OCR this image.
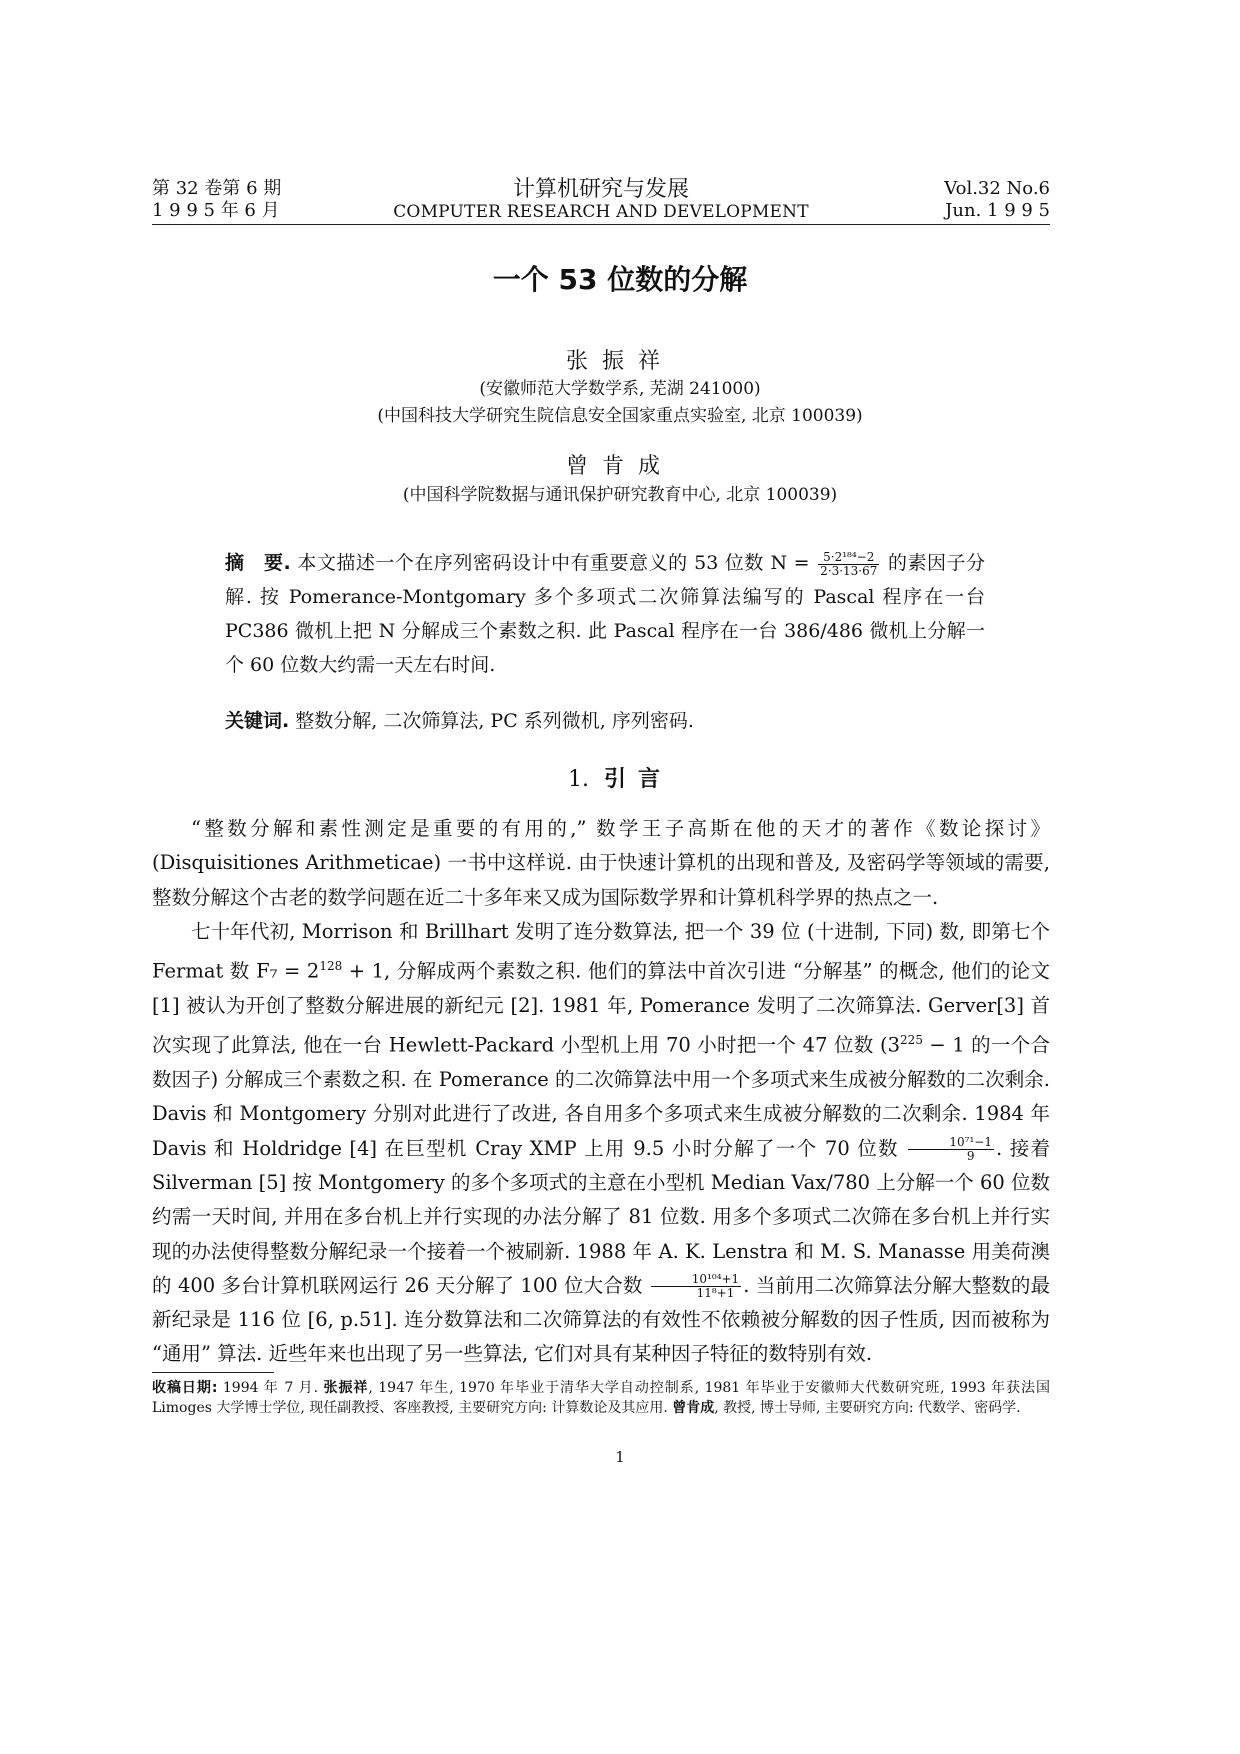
第 32 卷第 6 期
1 9 9 5 年 6 月
计算机研究与发展
COMPUTER RESEARCH AND DEVELOPMENT
Vol.32 No.6
Jun. 1 9 9 5
一个 53 位数的分解
张振祥
(安徽师范大学数学系, 芜湖 241000)
(中国科技大学研究生院信息安全国家重点实验室, 北京 100039)
曾肯成
(中国科学院数据与通讯保护研究教育中心, 北京 100039)
摘　要. 本文描述一个在序列密码设计中有重要意义的 53 位数 $N = \frac{\text{5·2¹⁸⁴−2}}{2\cdot 3\cdot 13\cdot 67}$ 的素因子分解. 按 Pomerance-Montgomary 多个多项式二次筛算法编写的 Pascal 程序在一台 PC386 微机上把 N 分解成三个素数之积. 此 Pascal 程序在一台 386/486 微机上分解一个 60 位数大约需一天左右时间.
关键词. 整数分解, 二次筛算法, PC 系列微机, 序列密码.
1. 引言

“整数分解和素性测定是重要的有用的,” 数学王子高斯在他的天才的著作《数论探讨》(Disquisitiones Arithmeticae) 一书中这样说. 由于快速计算机的出现和普及, 及密码学等领域的需要, 整数分解这个古老的数学问题在近二十多年来又成为国际数学界和计算机科学界的热点之一.

七十年代初, Morrison 和 Brillhart 发明了连分数算法, 把一个 39 位 (十进制, 下同) 数, 即第七个 Fermat 数 $F_7 = 2^{128} + 1$, 分解成两个素数之积. 他们的算法中首次引进 “分解基” 的概念, 他们的论文 [1] 被认为开创了整数分解进展的新纪元 [2]. 1981 年, Pomerance 发明了二次筛算法. Gerver[3] 首次实现了此算法, 他在一台 Hewlett-Packard 小型机上用 70 小时把一个 47 位数 ($3^{225} - 1$ 的一个合数因子) 分解成三个素数之积. 在 Pomerance 的二次筛算法中用一个多项式来生成被分解数的二次剩余. Davis 和 Montgomery 分别对此进行了改进, 各自用多个多项式来生成被分解数的二次剩余. 1984 年 Davis 和 Holdridge [4] 在巨型机 Cray XMP 上用 9.5 小时分解了一个 70 位数 $\frac{\text{10⁷¹−1}}{9}$ . 接着 Silverman [5] 按 Montgomery 的多个多项式的主意在小型机 Median Vax/780 上分解一个 60 位数约需一天时间, 并用在多台机上并行实现的办法分解了 81 位数. 用多个多项式二次筛在多台机上并行实现的办法使得整数分解纪录一个接着一个被刷新. 1988 年 A. K. Lenstra 和 M. S. Manasse 用美荷澳的 400 多台计算机联网运行 26 天分解了 100 位大合数 $\frac{\text{10¹⁰⁴+1}}{\text{11⁸+1}}$ . 当前用二次筛算法分解大整数的最新纪录是 116 位 [6, p.51]. 连分数算法和二次筛算法的有效性不依赖被分解数的因子性质, 因而被称为 “通用” 算法. 近些年来也出现了另一些算法, 它们对具有某种因子特征的数特别有效.

收稿日期: 1994 年 7 月. 张振祥, 1947 年生, 1970 年毕业于清华大学自动控制系, 1981 年毕业于安徽师大代数研究班, 1993 年获法国 Limoges 大学博士学位, 现任副教授、客座教授, 主要研究方向: 计算数论及其应用. 曾肯成, 教授, 博士导师, 主要研究方向: 代数学、密码学.
1
